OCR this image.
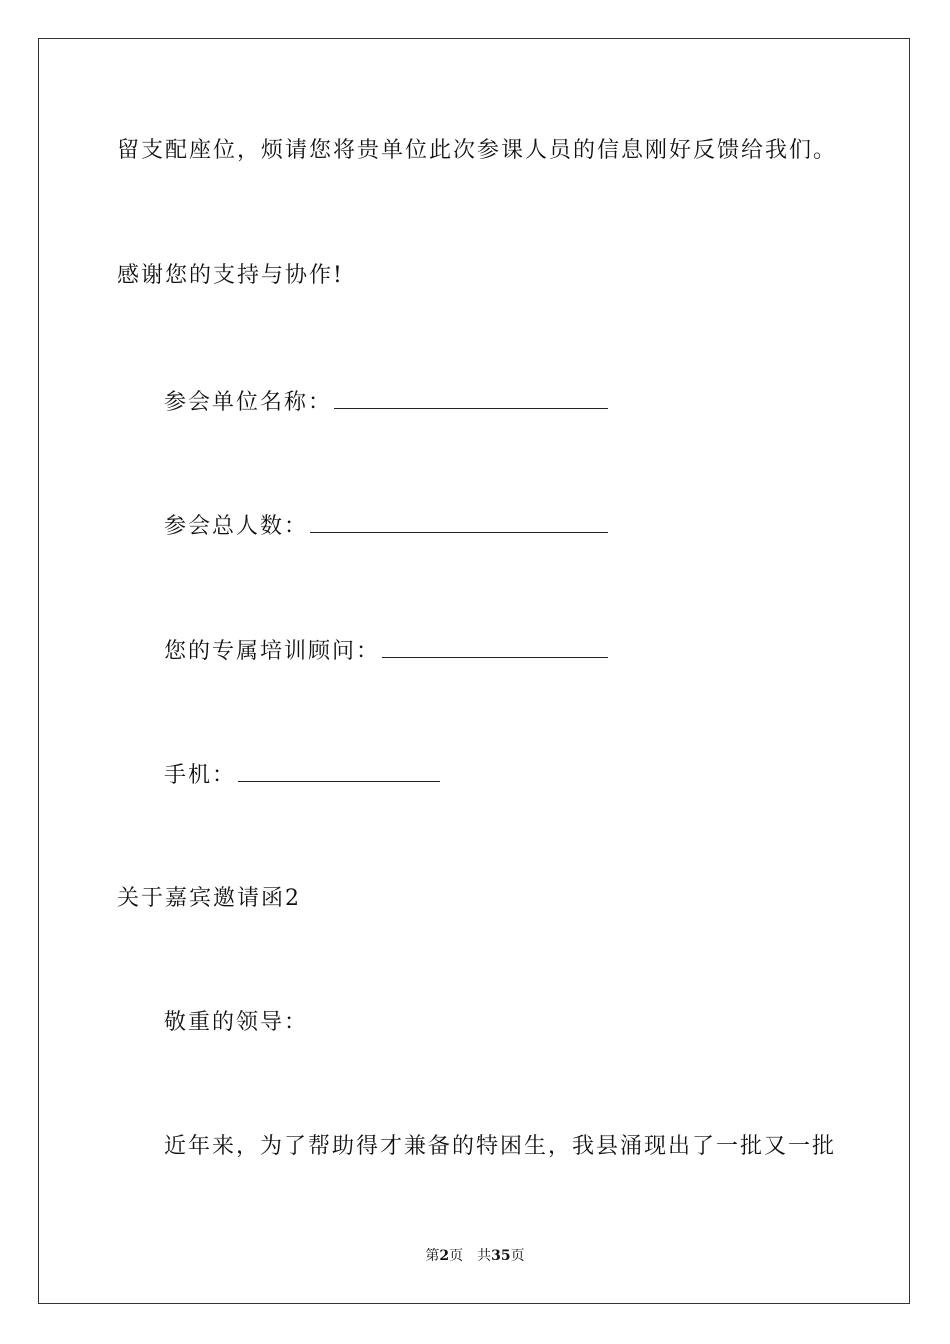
留支配座位，烦请您将贵单位此次参课人员的信息刚好反馈给我们。
感谢您的支持与协作!
参会单位名称：
参会总人数：
您的专属培训顾问：
手机：
关于嘉宾邀请函2
敬重的领导：
近年来，为了帮助得才兼备的特困生，我县涌现出了一批又一批
第2页 共35页
